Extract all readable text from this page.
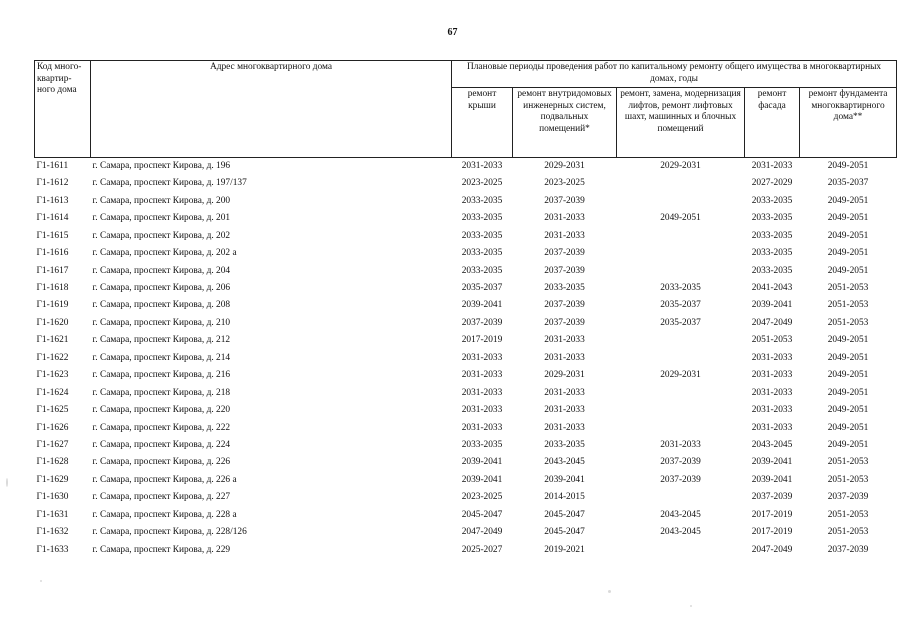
67
Код много-квартир-ного дома	Адрес многоквартирного дома	Плановые периоды проведения работ по капитальному ремонту общего имущества в многоквартирных домах, годы				
		ремонт крыши	ремонт внутридомовых инженерных систем, подвальных помещений*	ремонт, замена, модернизация лифтов, ремонт лифтовых шахт, машинных и блочных помещений	ремонт фасада	ремонт фундамента многоквартирного дома**
Г1-1611	г. Самара, проспект Кирова, д. 196	2031-2033	2029-2031	2029-2031	2031-2033	2049-2051
Г1-1612	г. Самара, проспект Кирова, д. 197/137	2023-2025	2023-2025		2027-2029	2035-2037
Г1-1613	г. Самара, проспект Кирова, д. 200	2033-2035	2037-2039		2033-2035	2049-2051
Г1-1614	г. Самара, проспект Кирова, д. 201	2033-2035	2031-2033	2049-2051	2033-2035	2049-2051
Г1-1615	г. Самара, проспект Кирова, д. 202	2033-2035	2031-2033		2033-2035	2049-2051
Г1-1616	г. Самара, проспект Кирова, д. 202 а	2033-2035	2037-2039		2033-2035	2049-2051
Г1-1617	г. Самара, проспект Кирова, д. 204	2033-2035	2037-2039		2033-2035	2049-2051
Г1-1618	г. Самара, проспект Кирова, д. 206	2035-2037	2033-2035	2033-2035	2041-2043	2051-2053
Г1-1619	г. Самара, проспект Кирова, д. 208	2039-2041	2037-2039	2035-2037	2039-2041	2051-2053
Г1-1620	г. Самара, проспект Кирова, д. 210	2037-2039	2037-2039	2035-2037	2047-2049	2051-2053
Г1-1621	г. Самара, проспект Кирова, д. 212	2017-2019	2031-2033		2051-2053	2049-2051
Г1-1622	г. Самара, проспект Кирова, д. 214	2031-2033	2031-2033		2031-2033	2049-2051
Г1-1623	г. Самара, проспект Кирова, д. 216	2031-2033	2029-2031	2029-2031	2031-2033	2049-2051
Г1-1624	г. Самара, проспект Кирова, д. 218	2031-2033	2031-2033		2031-2033	2049-2051
Г1-1625	г. Самара, проспект Кирова, д. 220	2031-2033	2031-2033		2031-2033	2049-2051
Г1-1626	г. Самара, проспект Кирова, д. 222	2031-2033	2031-2033		2031-2033	2049-2051
Г1-1627	г. Самара, проспект Кирова, д. 224	2033-2035	2033-2035	2031-2033	2043-2045	2049-2051
Г1-1628	г. Самара, проспект Кирова, д. 226	2039-2041	2043-2045	2037-2039	2039-2041	2051-2053
Г1-1629	г. Самара, проспект Кирова, д. 226 а	2039-2041	2039-2041	2037-2039	2039-2041	2051-2053
Г1-1630	г. Самара, проспект Кирова, д. 227	2023-2025	2014-2015		2037-2039	2037-2039
Г1-1631	г. Самара, проспект Кирова, д. 228 а	2045-2047	2045-2047	2043-2045	2017-2019	2051-2053
Г1-1632	г. Самара, проспект Кирова, д. 228/126	2047-2049	2045-2047	2043-2045	2017-2019	2051-2053
Г1-1633	г. Самара, проспект Кирова, д. 229	2025-2027	2019-2021		2047-2049	2037-2039
